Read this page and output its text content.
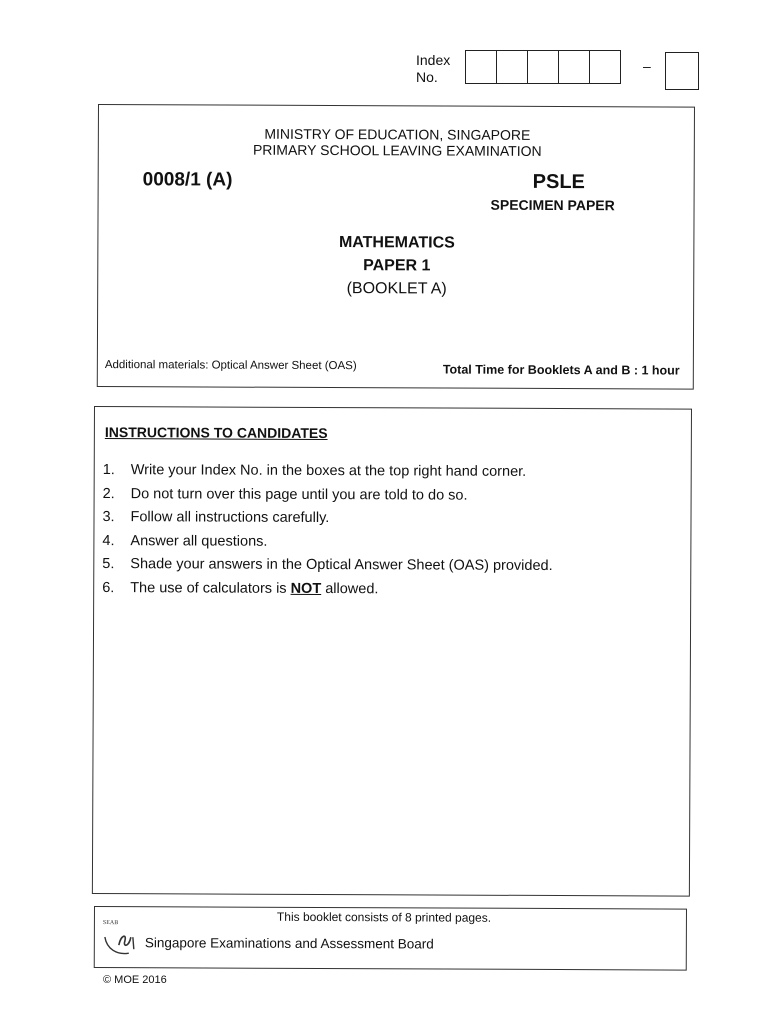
Index
No.
–
MINISTRY OF EDUCATION, SINGAPORE
PRIMARY SCHOOL LEAVING EXAMINATION
0008/1 (A)	PSLE
SPECIMEN PAPER
MATHEMATICS
PAPER 1
(BOOKLET A)
Additional materials: Optical Answer Sheet (OAS)	Total Time for Booklets A and B : 1 hour
INSTRUCTIONS TO CANDIDATES
1.	Write your Index No. in the boxes at the top right hand corner.
2.	Do not turn over this page until you are told to do so.
3.	Follow all instructions carefully.
4.	Answer all questions.
5.	Shade your answers in the Optical Answer Sheet (OAS) provided.
6.	The use of calculators is NOT allowed.
This booklet consists of 8 printed pages.
SEAB
Singapore Examinations and Assessment Board
© MOE 2016
